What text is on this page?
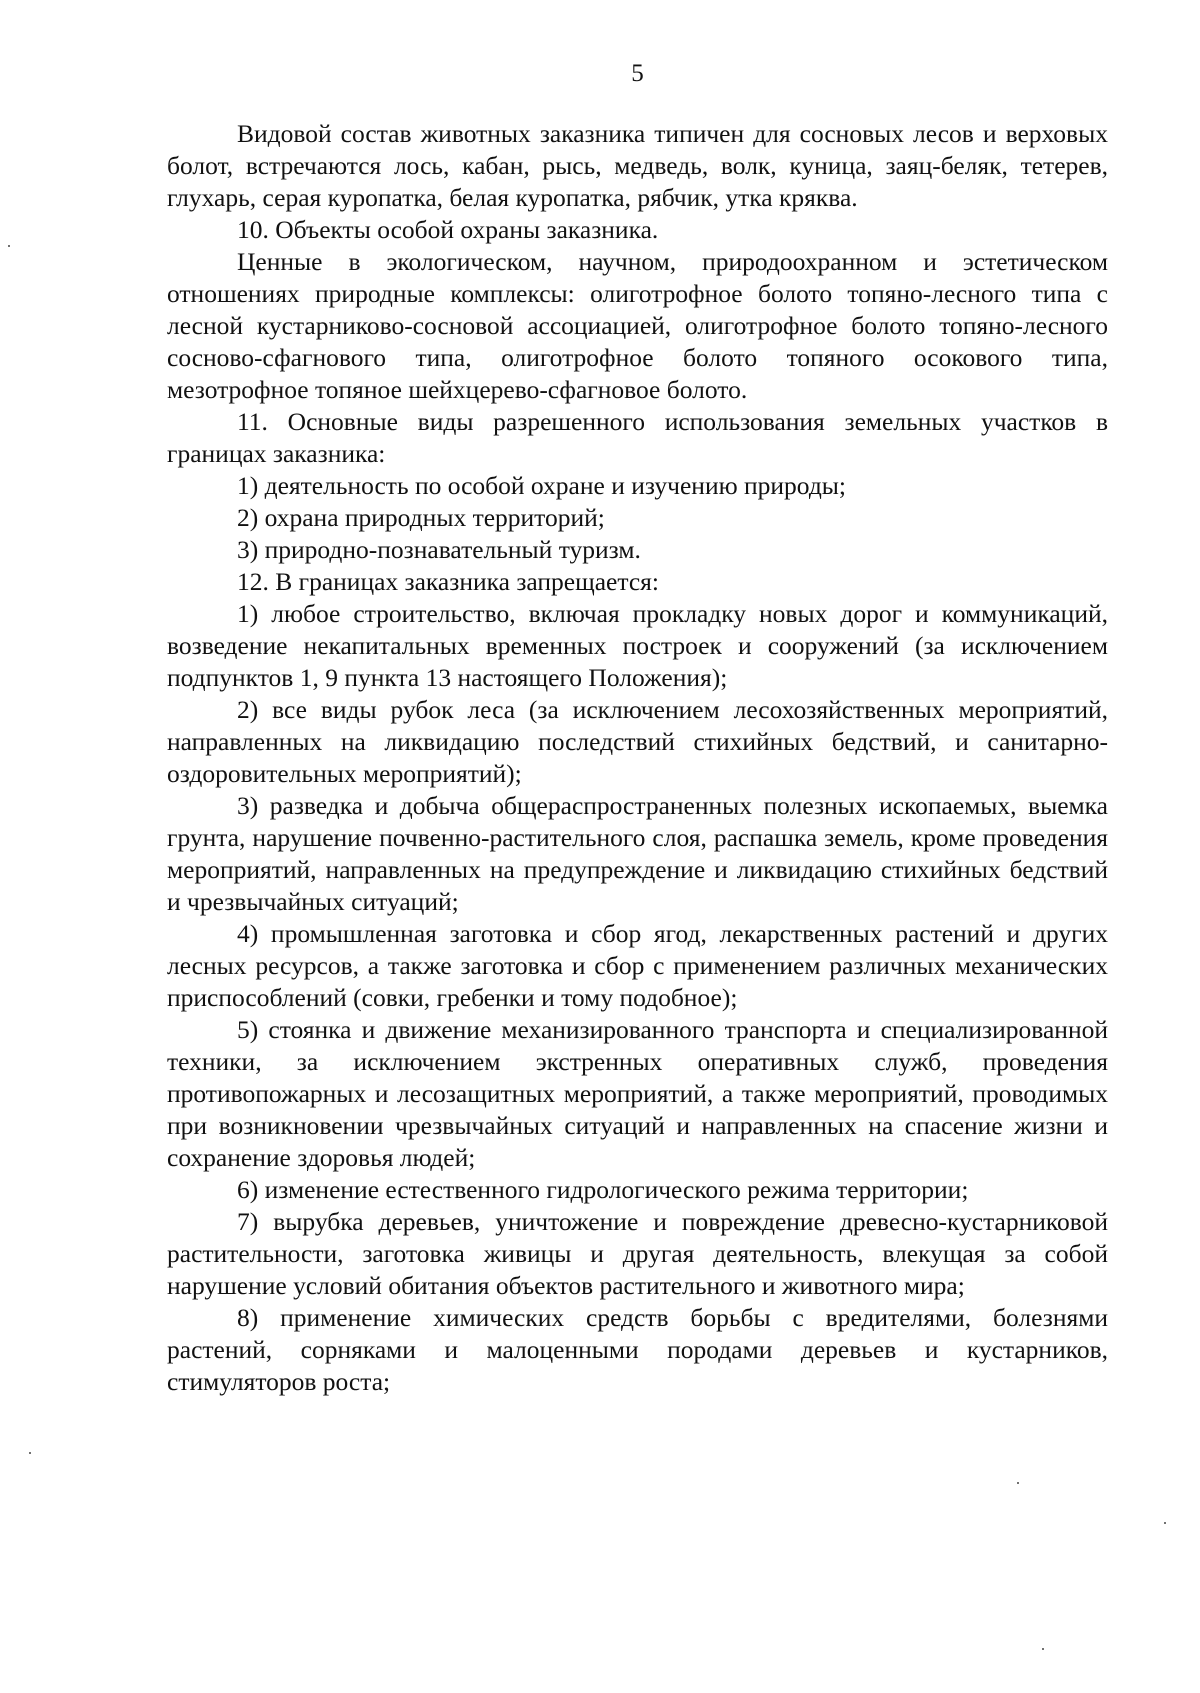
5

Видовой состав животных заказника типичен для сосновых лесов и верховых болот, встречаются лось, кабан, рысь, медведь, волк, куница, заяц-беляк, тетерев, глухарь, серая куропатка, белая куропатка, рябчик, утка кряква.

10. Объекты особой охраны заказника.

Ценные в экологическом, научном, природоохранном и эстетическом отношениях природные комплексы: олиготрофное болото топяно-лесного типа с лесной кустарниково-сосновой ассоциацией, олиготрофное болото топяно-лесного сосново-сфагнового типа, олиготрофное болото топяного осокового типа, мезотрофное топяное шейхцерево-сфагновое болото.

11. Основные виды разрешенного использования земельных участков в границах заказника:

1) деятельность по особой охране и изучению природы;

2) охрана природных территорий;

3) природно-познавательный туризм.

12. В границах заказника запрещается:

1) любое строительство, включая прокладку новых дорог и коммуникаций, возведение некапитальных временных построек и сооружений (за исключением подпунктов 1, 9 пункта 13 настоящего Положения);

2) все виды рубок леса (за исключением лесохозяйственных мероприятий, направленных на ликвидацию последствий стихийных бедствий, и санитарно-оздоровительных мероприятий);

3) разведка и добыча общераспространенных полезных ископаемых, выемка грунта, нарушение почвенно-растительного слоя, распашка земель, кроме проведения мероприятий, направленных на предупреждение и ликвидацию стихийных бедствий и чрезвычайных ситуаций;

4) промышленная заготовка и сбор ягод, лекарственных растений и других лесных ресурсов, а также заготовка и сбор с применением различных механических приспособлений (совки, гребенки и тому подобное);

5) стоянка и движение механизированного транспорта и специализированной техники, за исключением экстренных оперативных служб, проведения противопожарных и лесозащитных мероприятий, а также мероприятий, проводимых при возникновении чрезвычайных ситуаций и направленных на спасение жизни и сохранение здоровья людей;

6) изменение естественного гидрологического режима территории;

7) вырубка деревьев, уничтожение и повреждение древесно-кустарниковой растительности, заготовка живицы и другая деятельность, влекущая за собой нарушение условий обитания объектов растительного и животного мира;

8) применение химических средств борьбы с вредителями, болезнями растений, сорняками и малоценными породами деревьев и кустарников, стимуляторов роста;
